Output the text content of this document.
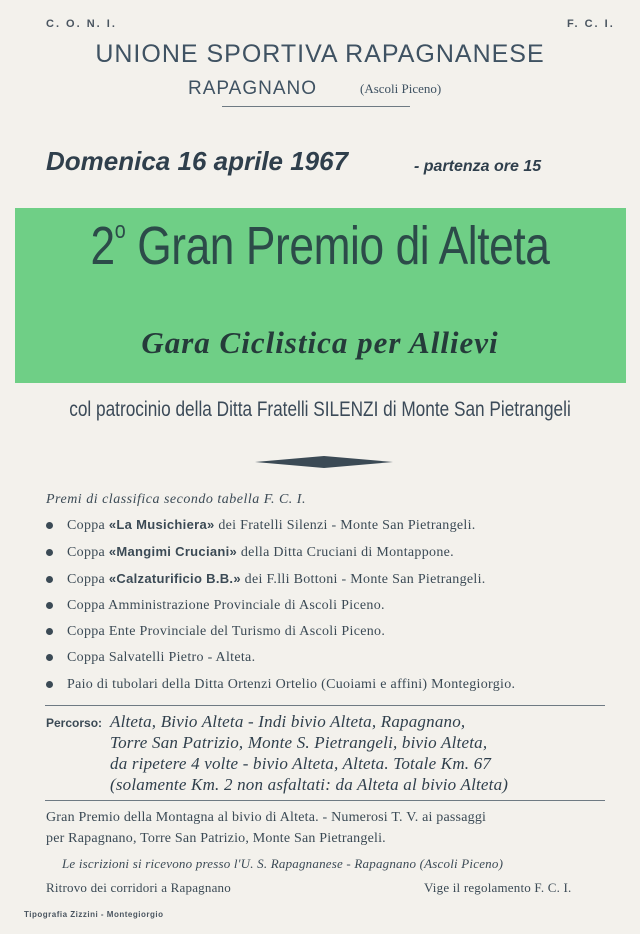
C. O. N. I.	F. C. I.
UNIONE SPORTIVA RAPAGNANESE
RAPAGNANO	(Ascoli Piceno)
Domenica 16 aprile 1967	- partenza ore 15
2$^o$ Gran Premio di Alteta
Gara Ciclistica per Allievi
col patrocinio della Ditta Fratelli SILENZI di Monte San Pietrangeli
Premi di classifica secondo tabella F. C. I.
Coppa «La Musichiera» dei Fratelli Silenzi - Monte San Pietrangeli.
Coppa «Mangimi Cruciani» della Ditta Cruciani di Montappone.
Coppa «Calzaturificio B.B.» dei F.lli Bottoni - Monte San Pietrangeli.
Coppa Amministrazione Provinciale di Ascoli Piceno.
Coppa Ente Provinciale del Turismo di Ascoli Piceno.
Coppa Salvatelli Pietro - Alteta.
Paio di tubolari della Ditta Ortenzi Ortelio (Cuoiami e affini) Montegiorgio.
Percorso: Alteta, Bivio Alteta - Indi bivio Alteta, Rapagnano,
Torre San Patrizio, Monte S. Pietrangeli, bivio Alteta,
da ripetere 4 volte - bivio Alteta, Alteta. Totale Km. 67
(solamente Km. 2 non asfaltati: da Alteta al bivio Alteta)
Gran Premio della Montagna al bivio di Alteta. - Numerosi T. V. ai passaggi
per Rapagnano, Torre San Patrizio, Monte San Pietrangeli.
Le iscrizioni si ricevono presso l'U. S. Rapagnanese - Rapagnano (Ascoli Piceno)
Ritrovo dei corridori a Rapagnano	Vige il regolamento F. C. I.
Tipografia Zizzini - Montegiorgio
